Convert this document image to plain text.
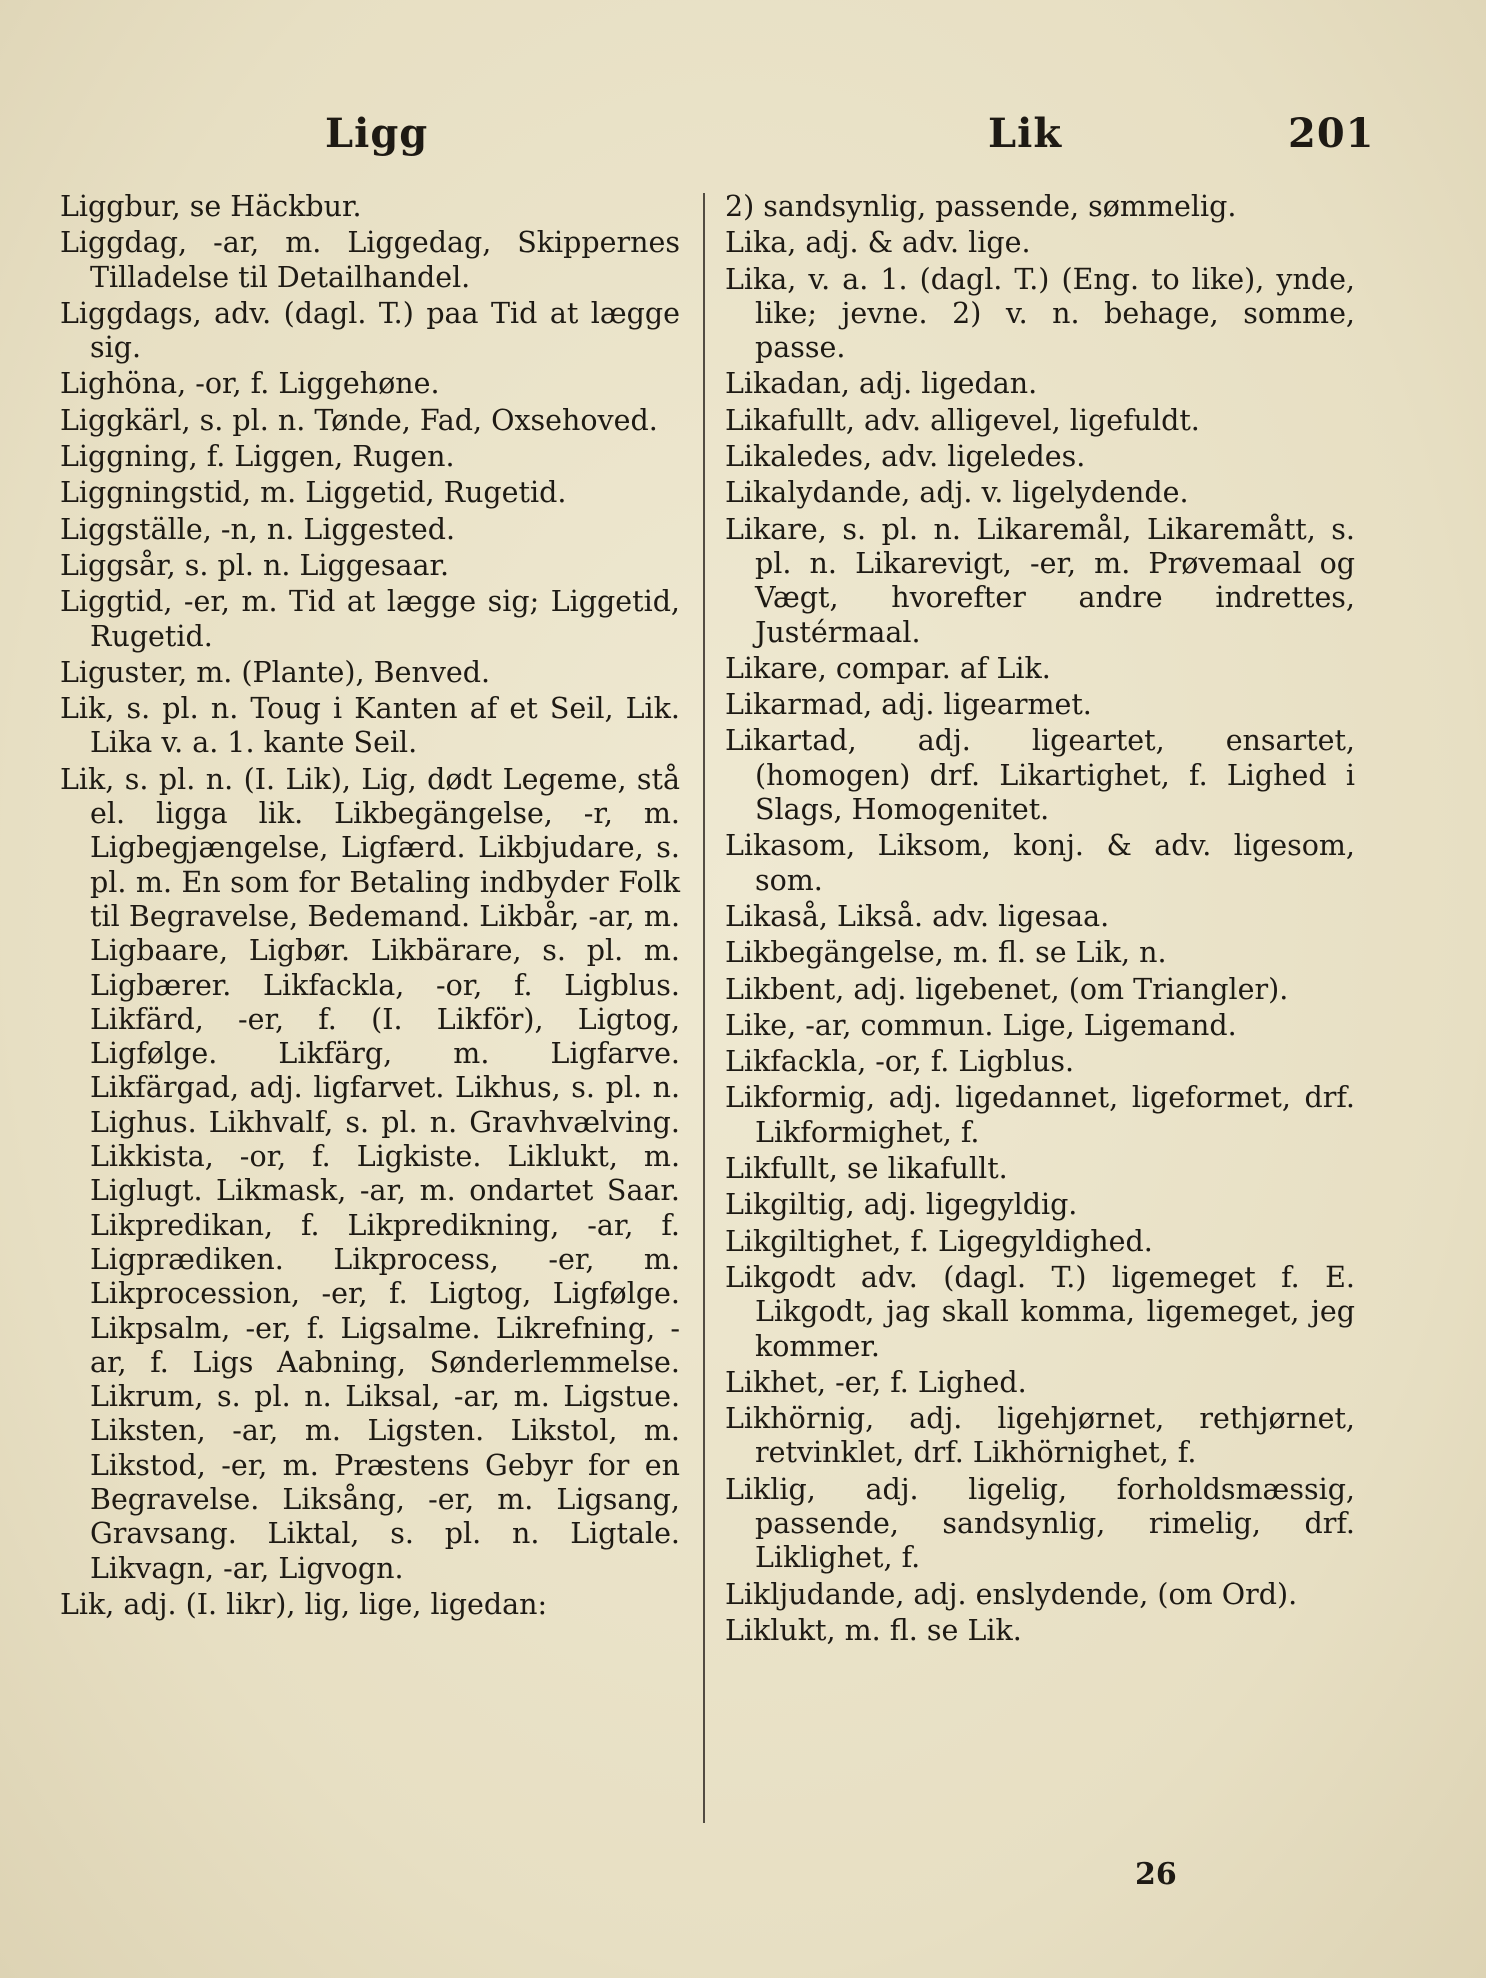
Ligg	Lik	201

Liggbur, se Häckbur.

Liggdag, -ar, m. Liggedag, Skippernes Tilladelse til Detailhandel.

Liggdags, adv. (dagl. T.) paa Tid at lægge sig.

Lighöna, -or, f. Liggehøne.

Liggkärl, s. pl. n. Tønde, Fad, Oxsehoved.

Liggning, f. Liggen, Rugen.

Liggningstid, m. Liggetid, Rugetid.

Liggställe, -n, n. Liggested.

Liggsår, s. pl. n. Liggesaar.

Liggtid, -er, m. Tid at lægge sig; Liggetid, Rugetid.

Liguster, m. (Plante), Benved.

Lik, s. pl. n. Toug i Kanten af et Seil, Lik. Lika v. a. 1. kante Seil.

Lik, s. pl. n. (I. Lik), Lig, dødt Legeme, stå el. ligga lik. Likbegängelse, -r, m. Ligbegjængelse, Ligfærd. Likbjudare, s. pl. m. En som for Betaling indbyder Folk til Begravelse, Bedemand. Likbår, -ar, m. Ligbaare, Ligbør. Likbärare, s. pl. m. Ligbærer. Likfackla, -or, f. Ligblus. Likfärd, -er, f. (I. Likför), Ligtog, Ligfølge. Likfärg, m. Ligfarve. Likfärgad, adj. ligfarvet. Likhus, s. pl. n. Lighus. Likhvalf, s. pl. n. Gravhvælving. Likkista, -or, f. Ligkiste. Liklukt, m. Liglugt. Likmask, -ar, m. ondartet Saar. Likpredikan, f. Likpredikning, -ar, f. Ligprædiken. Likprocess, -er, m. Likprocession, -er, f. Ligtog, Ligfølge. Likpsalm, -er, f. Ligsalme. Likrefning, -ar, f. Ligs Aabning, Sønderlemmelse. Likrum, s. pl. n. Liksal, -ar, m. Ligstue. Liksten, -ar, m. Ligsten. Likstol, m. Likstod, -er, m. Præstens Gebyr for en Begravelse. Liksång, -er, m. Ligsang, Gravsang. Liktal, s. pl. n. Ligtale. Likvagn, -ar, Ligvogn.

Lik, adj. (I. likr), lig, lige, ligedan:

2) sandsynlig, passende, sømmelig.

Lika, adj. & adv. lige.

Lika, v. a. 1. (dagl. T.) (Eng. to like), ynde, like; jevne. 2) v. n. behage, somme, passe.

Likadan, adj. ligedan.

Likafullt, adv. alligevel, ligefuldt.

Likaledes, adv. ligeledes.

Likalydande, adj. v. ligelydende.

Likare, s. pl. n. Likaremål, Likaremått, s. pl. n. Likarevigt, -er, m. Prøvemaal og Vægt, hvorefter andre indrettes, Justérmaal.

Likare, compar. af Lik.

Likarmad, adj. ligearmet.

Likartad, adj. ligeartet, ensartet, (homogen) drf. Likartighet, f. Lighed i Slags, Homogenitet.

Likasom, Liksom, konj. & adv. ligesom, som.

Likaså, Likså. adv. ligesaa.

Likbegängelse, m. fl. se Lik, n.

Likbent, adj. ligebenet, (om Triangler).

Like, -ar, commun. Lige, Ligemand.

Likfackla, -or, f. Ligblus.

Likformig, adj. ligedannet, ligeformet, drf. Likformighet, f.

Likfullt, se likafullt.

Likgiltig, adj. ligegyldig.

Likgiltighet, f. Ligegyldighed.

Likgodt adv. (dagl. T.) ligemeget f. E. Likgodt, jag skall komma, ligemeget, jeg kommer.

Likhet, -er, f. Lighed.

Likhörnig, adj. ligehjørnet, rethjørnet, retvinklet, drf. Likhörnighet, f.

Liklig, adj. ligelig, forholdsmæssig, passende, sandsynlig, rimelig, drf. Liklighet, f.

Likljudande, adj. enslydende, (om Ord).

Liklukt, m. fl. se Lik.

26
